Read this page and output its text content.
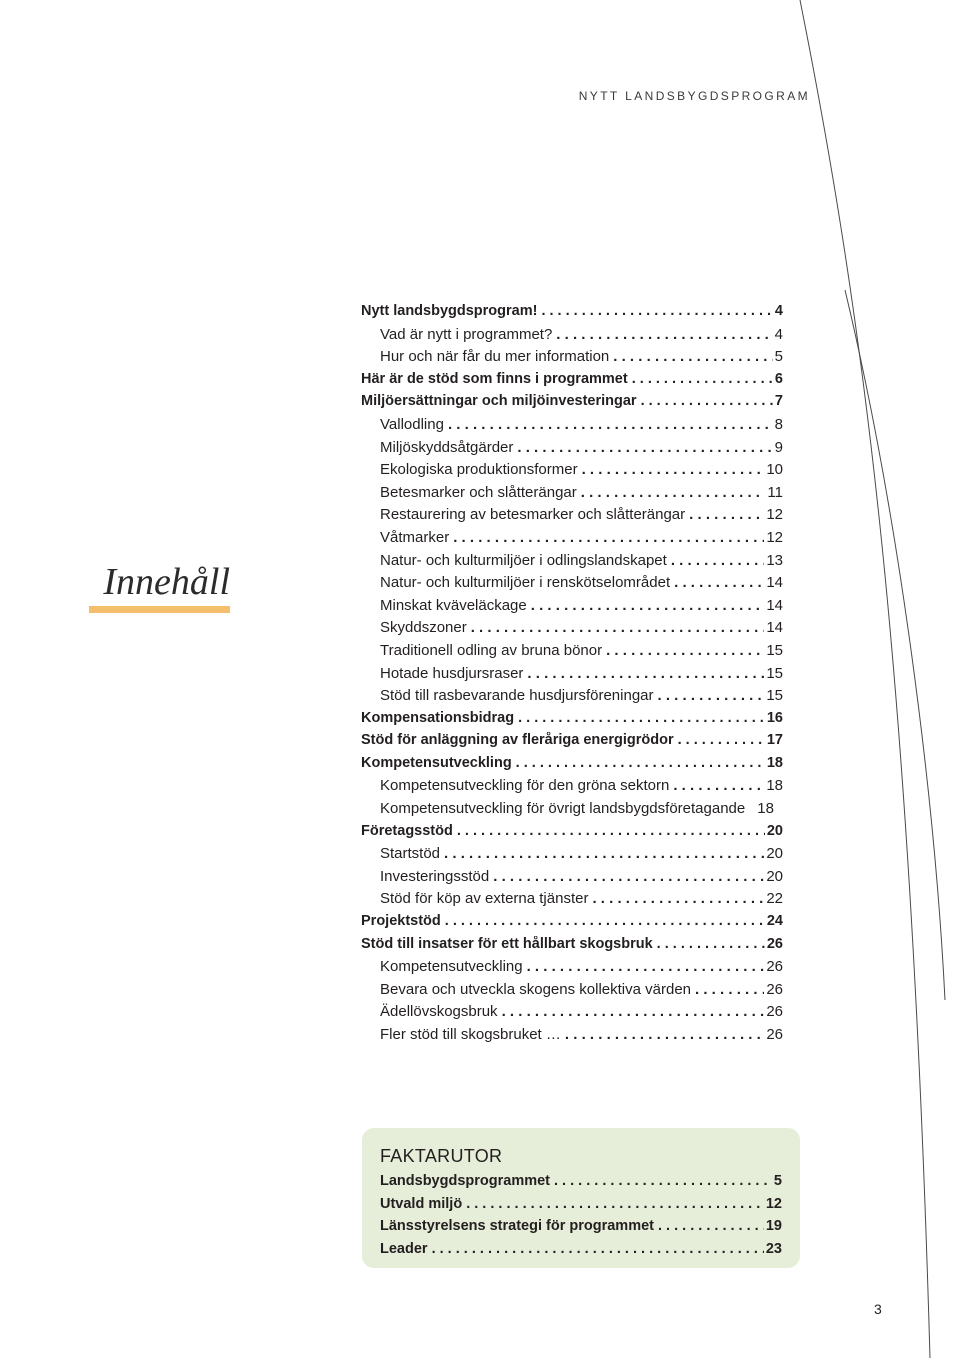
NYTT LANDSBYGDSPROGRAM
Innehåll
Nytt landsbygdsprogram! . . .	4
Vad är nytt i programmet? . . .	4
Hur och när får du mer information . . .	5
Här är de stöd som finns i programmet . . .	6
Miljöersättningar och miljöinvesteringar . . .	7
Vallodling . . .	8
Miljöskyddsåtgärder . . .	9
Ekologiska produktionsformer . . .	10
Betesmarker och slåtterängar . . .	11
Restaurering av betesmarker och slåtterängar . . .	12
Våtmarker . . .	12
Natur- och kulturmiljöer i odlingslandskapet . . .	13
Natur- och kulturmiljöer i renskötselområdet . . .	14
Minskat kväveläckage . . .	14
Skyddszoner . . .	14
Traditionell odling av bruna bönor . . .	15
Hotade husdjursraser . . .	15
Stöd till rasbevarande husdjursföreningar . . .	15
Kompensationsbidrag . . .	16
Stöd för anläggning av fleråriga energigrödor . . .	17
Kompetensutveckling . . .	18
Kompetensutveckling för den gröna sektorn . . .	18
Kompetensutveckling för övrigt landsbygdsföretagande 18
Företagsstöd . . .	20
Startstöd . . .	20
Investeringsstöd . . .	20
Stöd för köp av externa tjänster . . .	22
Projektstöd . . .	24
Stöd till insatser för ett hållbart skogsbruk . . .	26
Kompetensutveckling . . .	26
Bevara och utveckla skogens kollektiva värden . . .	26
Ädellövskogsbruk . . .	26
Fler stöd till skogsbruket … . . .	26
FAKTARUTOR
Landsbygdsprogrammet . . .	5
Utvald miljö . . .	12
Länsstyrelsens strategi för programmet . . .	19
Leader . . .	23
3
